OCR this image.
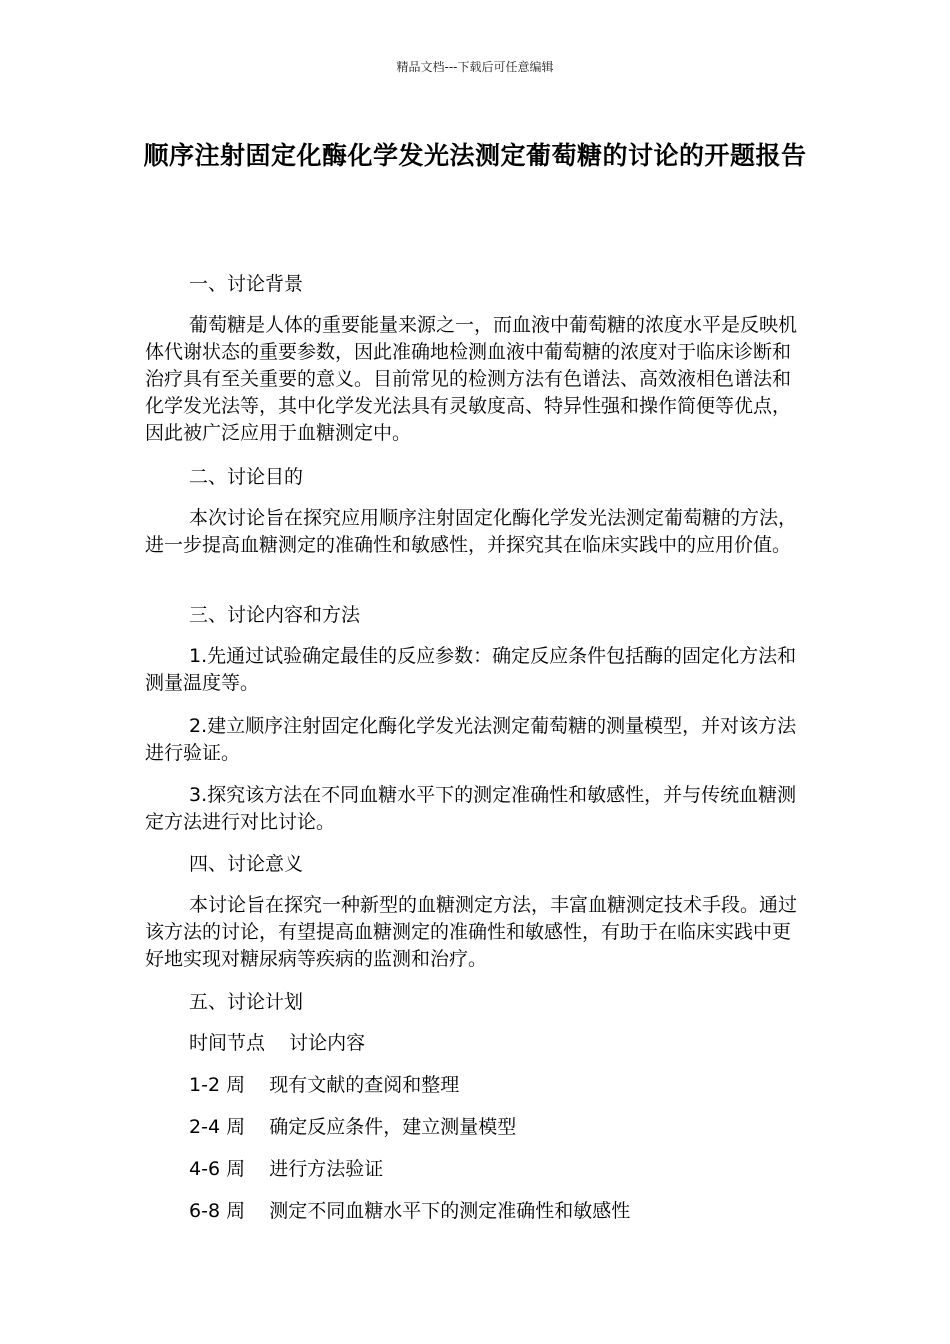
精品文档---下载后可任意编辑
顺序注射固定化酶化学发光法测定葡萄糖的讨论的开题报告
一、讨论背景
葡萄糖是人体的重要能量来源之一，而血液中葡萄糖的浓度水平是反映机体代谢状态的重要参数，因此准确地检测血液中葡萄糖的浓度对于临床诊断和治疗具有至关重要的意义。目前常见的检测方法有色谱法、高效液相色谱法和化学发光法等，其中化学发光法具有灵敏度高、特异性强和操作简便等优点，因此被广泛应用于血糖测定中。
二、讨论目的
本次讨论旨在探究应用顺序注射固定化酶化学发光法测定葡萄糖的方法，进一步提高血糖测定的准确性和敏感性，并探究其在临床实践中的应用价值。
三、讨论内容和方法
1.先通过试验确定最佳的反应参数：确定反应条件包括酶的固定化方法和测量温度等。
2.建立顺序注射固定化酶化学发光法测定葡萄糖的测量模型，并对该方法进行验证。
3.探究该方法在不同血糖水平下的测定准确性和敏感性，并与传统血糖测定方法进行对比讨论。
四、讨论意义
本讨论旨在探究一种新型的血糖测定方法，丰富血糖测定技术手段。通过该方法的讨论，有望提高血糖测定的准确性和敏感性，有助于在临床实践中更好地实现对糖尿病等疾病的监测和治疗。
五、讨论计划
时间节点    讨论内容
1-2 周    现有文献的查阅和整理
2-4 周    确定反应条件，建立测量模型
4-6 周    进行方法验证
6-8 周    测定不同血糖水平下的测定准确性和敏感性
